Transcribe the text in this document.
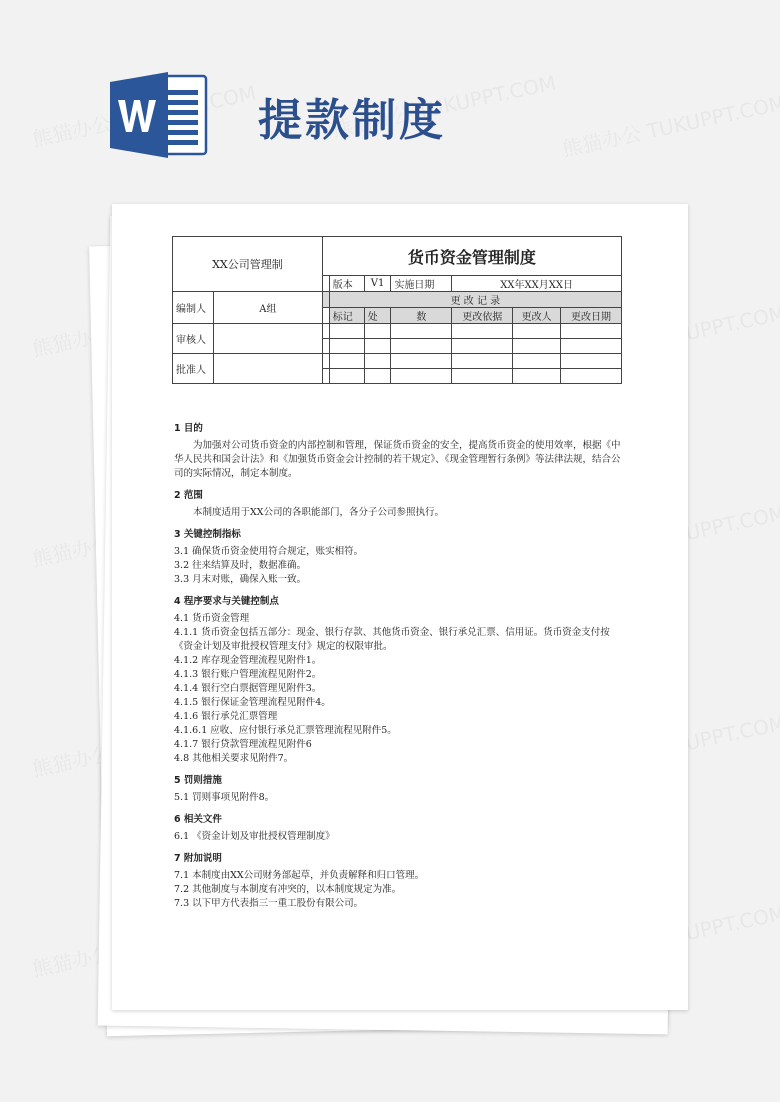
提款制度
XX公司管理制		货币资金管理制度						
			版本	V1	实施日期	XX年XX月XX日		
编制人	A组		更 改 记 录					
			标记	处	数	更改依据	更改人	更改日期
审核人								

批准人								

1 目的

为加强对公司货币资金的内部控制和管理，保证货币资金的安全，提高货币资金的使用效率，根据《中华人民共和国会计法》和《加强货币资金会计控制的若干规定》、《现金管理暂行条例》等法律法规，结合公司的实际情况，制定本制度。

2 范围

本制度适用于XX公司的各职能部门，各分子公司参照执行。

3 关键控制指标

3.1 确保货币资金使用符合规定，账实相符。

3.2 往来结算及时，数据准确。

3.3 月末对账，确保入账一致。

4 程序要求与关键控制点

4.1 货币资金管理

4.1.1 货币资金包括五部分：现金、银行存款、其他货币资金、银行承兑汇票、信用证。货币资金支付按《资金计划及审批授权管理支付》规定的权限审批。

4.1.2 库存现金管理流程见附件1。

4.1.3 银行账户管理流程见附件2。

4.1.4 银行空白票据管理见附件3。

4.1.5 银行保证金管理流程见附件4。

4.1.6 银行承兑汇票管理

4.1.6.1 应收、应付银行承兑汇票管理流程见附件5。

4.1.7 银行贷款管理流程见附件6

4.8 其他相关要求见附件7。

5 罚则措施

5.1 罚则事项见附件8。

6 相关文件

6.1 《资金计划及审批授权管理制度》

7 附加说明

7.1 本制度由XX公司财务部起草，并负责解释和归口管理。

7.2 其他制度与本制度有冲突的，以本制度规定为准。

7.3 以下甲方代表指三一重工股份有限公司。
